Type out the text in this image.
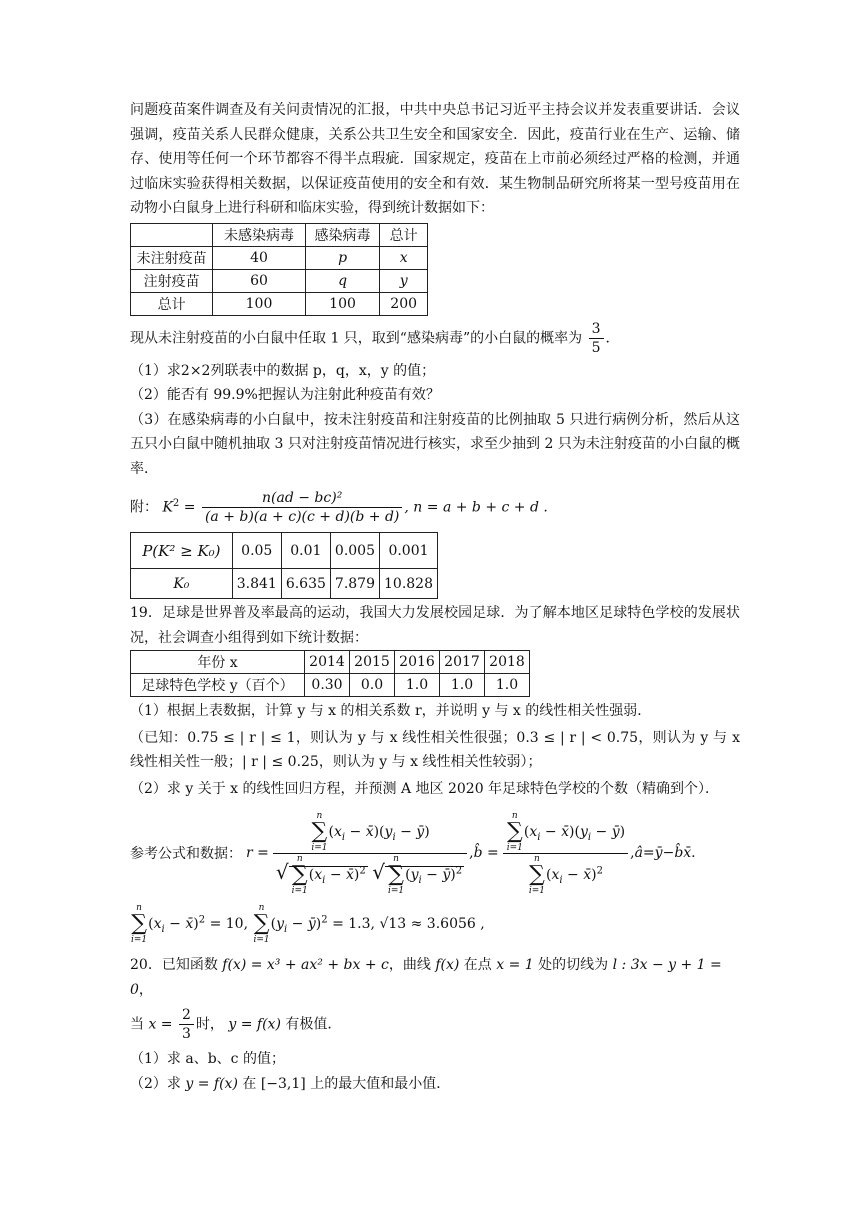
问题疫苗案件调查及有关问责情况的汇报，中共中央总书记习近平主持会议并发表重要讲话．会议强调，疫苗关系人民群众健康，关系公共卫生安全和国家安全．因此，疫苗行业在生产、运输、储存、使用等任何一个环节都容不得半点瑕疵．国家规定，疫苗在上市前必须经过严格的检测，并通过临床实验获得相关数据，以保证疫苗使用的安全和有效．某生物制品研究所将某一型号疫苗用在动物小白鼠身上进行科研和临床实验，得到统计数据如下：

	未感染病毒	感染病毒	总计
未注射疫苗	40	p	x
注射疫苗	60	q	y
总计	100	100	200

现从未注射疫苗的小白鼠中任取 1 只，取到“感染病毒”的小白鼠的概率为 $\frac{3}{5}$ ．

（1）求2×2列联表中的数据 p，q，x，y 的值；

（2）能否有 99.9%把握认为注射此种疫苗有效？

（3）在感染病毒的小白鼠中，按未注射疫苗和注射疫苗的比例抽取 5 只进行病例分析，然后从这五只小白鼠中随机抽取 3 只对注射疫苗情况进行核实，求至少抽到 2 只为未注射疫苗的小白鼠的概率．

附： $K^2 = \frac{\text{n(ad − bc)²}}{(a + b)(a + c)(c + d)(b + d)}$ , n = a + b + c + d .

P(K² ≥ K₀)	0.05	0.01	0.005	0.001
K₀	3.841	6.635	7.879	10.828

19．足球是世界普及率最高的运动，我国大力发展校园足球．为了解本地区足球特色学校的发展状况，社会调查小组得到如下统计数据：

年份 x	2014	2015	2016	2017	2018
足球特色学校 y（百个）	0.30	0.0	1.0	1.0	1.0

（1）根据上表数据，计算 y 与 x 的相关系数 r，并说明 y 与 x 的线性相关性强弱．

（已知：0.75 ≤ | r | ≤ 1，则认为 y 与 x 线性相关性很强；0.3 ≤ | r | < 0.75，则认为 y 与 x 线性相关性一般；| r | ≤ 0.25，则认为 y 与 x 线性相关性较弱）；

（2）求 y 关于 x 的线性回归方程，并预测 A 地区 2020 年足球特色学校的个数（精确到个）．

参考公式和数据： r = n
∑
i=1
($x_i$ − $x̄)(y_i$ − ȳ)
√
n
∑
i=1
($x_i$ − x̄)$^2$ √
n
∑
i=1
($y_i$ − ȳ)$^2$ , b̂ = n
∑
i=1
($x_i$ − $x̄)(y_i$ − ȳ)
n
∑
i=1
($x_i$ − x̄)$^2$ , â = ȳ − b̂x̄ .

n
∑
i=1
($x_i$ − x̄)$^2$ = 10,
n
∑
i=1
($y_i$ − ȳ)$^2$ = 1.3, √13 ≈ 3.6056 ,

20．已知函数 f(x) = x³ + ax² + bx + c，曲线 f(x) 在点 x = 1 处的切线为 l : 3x − y + 1 = 0，

当 $x = \frac{2}{3}$ 时， y = f(x) 有极值．

（1）求 a、b、c 的值；

（2）求 y = f(x) 在 [−3,1] 上的最大值和最小值．
